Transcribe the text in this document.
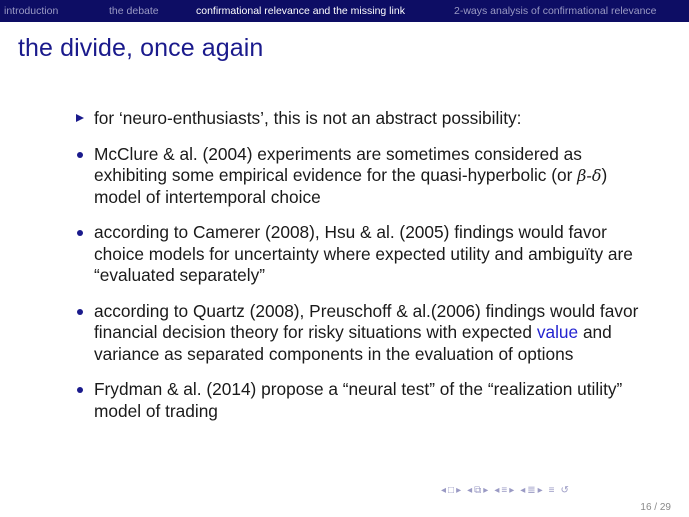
introduction	the debate	confirmational relevance and the missing link	2-ways analysis of confirmational relevance
the divide, once again
for ‘neuro-enthusiasts’, this is not an abstract possibility:
McClure & al. (2004) experiments are sometimes considered as exhibiting some empirical evidence for the quasi-hyperbolic (or β-δ) model of intertemporal choice
according to Camerer (2008), Hsu & al. (2005) findings would favor choice models for uncertainty where expected utility and ambiguïty are “evaluated separately”
according to Quartz (2008), Preuschoff & al.(2006) findings would favor financial decision theory for risky situations with expected value and variance as separated components in the evaluation of options
Frydman & al. (2014) propose a “neural test” of the “realization utility” model of trading
◂ □ ▸ ◂ ⧉ ▸ ◂ ≡ ▸ ◂ ≣ ▸ ≡ ↺
16 / 29
